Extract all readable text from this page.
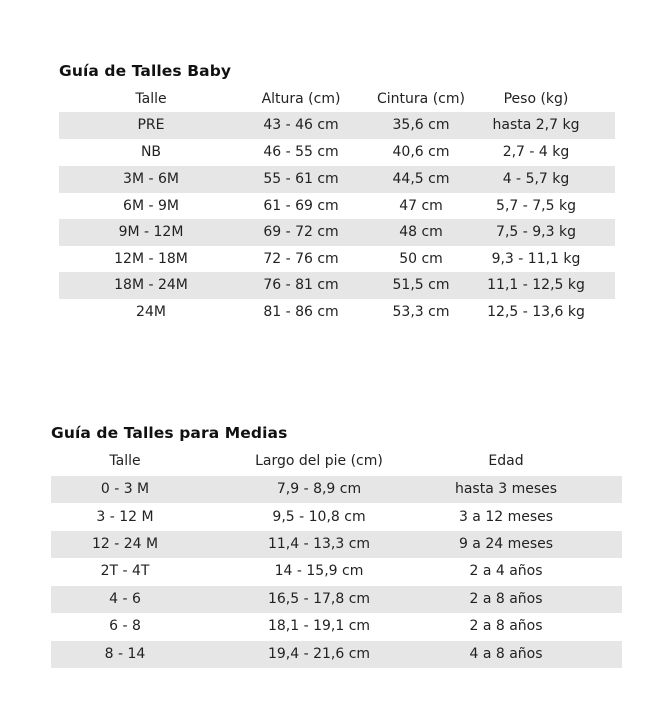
Guía de Talles Baby
Talle	Altura (cm)	Cintura (cm)	Peso (kg)
PRE	43 - 46 cm	35,6 cm	hasta 2,7 kg
NB	46 - 55 cm	40,6 cm	2,7 - 4 kg
3M - 6M	55 - 61 cm	44,5 cm	4 - 5,7 kg
6M - 9M	61 - 69 cm	47 cm	5,7 - 7,5 kg
9M - 12M	69 - 72 cm	48 cm	7,5 - 9,3 kg
12M - 18M	72 - 76 cm	50 cm	9,3 - 11,1 kg
18M - 24M	76 - 81 cm	51,5 cm	11,1 - 12,5 kg
24M	81 - 86 cm	53,3 cm	12,5 - 13,6 kg
Guía de Talles para Medias
Talle	Largo del pie (cm)	Edad
0 - 3 M	7,9 - 8,9 cm	hasta 3 meses
3 - 12 M	9,5 - 10,8 cm	3 a 12 meses
12 - 24 M	11,4 - 13,3 cm	9 a 24 meses
2T - 4T	14 - 15,9 cm	2 a 4 años
4 - 6	16,5 - 17,8 cm	2 a 8 años
6 - 8	18,1 - 19,1 cm	2 a 8 años
8 - 14	19,4 - 21,6 cm	4 a 8 años
